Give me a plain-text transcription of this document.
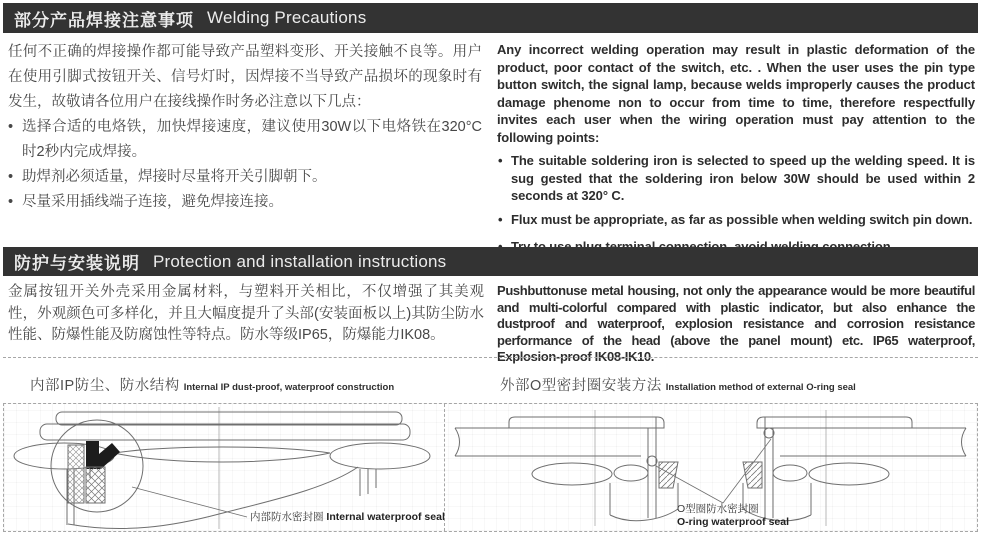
部分产品焊接注意事项 Welding Precautions
任何不正确的焊接操作都可能导致产品塑料变形、开关接触不良等。用户在使用引脚式按钮开关、信号灯时，因焊接不当导致产品损坏的现象时有发生，故敬请各位用户在接线操作时务必注意以下几点：
• 选择合适的电烙铁，加快焊接速度，建议使用30W以下电烙铁在320°C时2秒内完成焊接。
• 助焊剂必须适量，焊接时尽量将开关引脚朝下。
• 尽量采用插线端子连接，避免焊接连接。
Any incorrect welding operation may result in plastic deformation of the product, poor contact of the switch, etc. . When the user uses the pin type button switch, the signal lamp, because welds improperly causes the product damage phenome non to occur from time to time, therefore respectfully invites each user when the wiring operation must pay attention to the following points:
• The suitable soldering iron is selected to speed up the welding speed. It is sug gested that the soldering iron below 30W should be used within 2 seconds at 320° C.
• Flux must be appropriate, as far as possible when welding switch pin down.
防护与安装说明 Protection and installation instructions
金属按钮开关外壳采用金属材料，与塑料开关相比，不仅增强了其美观性，外观颜色可多样化，并且大幅度提升了头部(安装面板以上)其防尘防水性能、防爆性能及防腐蚀性等特点。防水等级IP65，防爆能力IK08。
Pushbuttonuse metal housing, not only the appearance would be more beautiful and multi-colorful compared with plastic indicator, but also enhance the dustproof and waterproof, explosion resistance and corrosion resistance performance of the head (above the panel mount) etc. IP65 waterproof, Explosion-proof IK08-IK10.
内部IP防尘、防水结构 Internal IP dust-proof, waterproof construction	外部O型密封圈安装方法 Installation method of external O-ring seal
内部防水密封圈 Internal waterproof seal
O型圈防水密封圈
O-ring waterproof seal
